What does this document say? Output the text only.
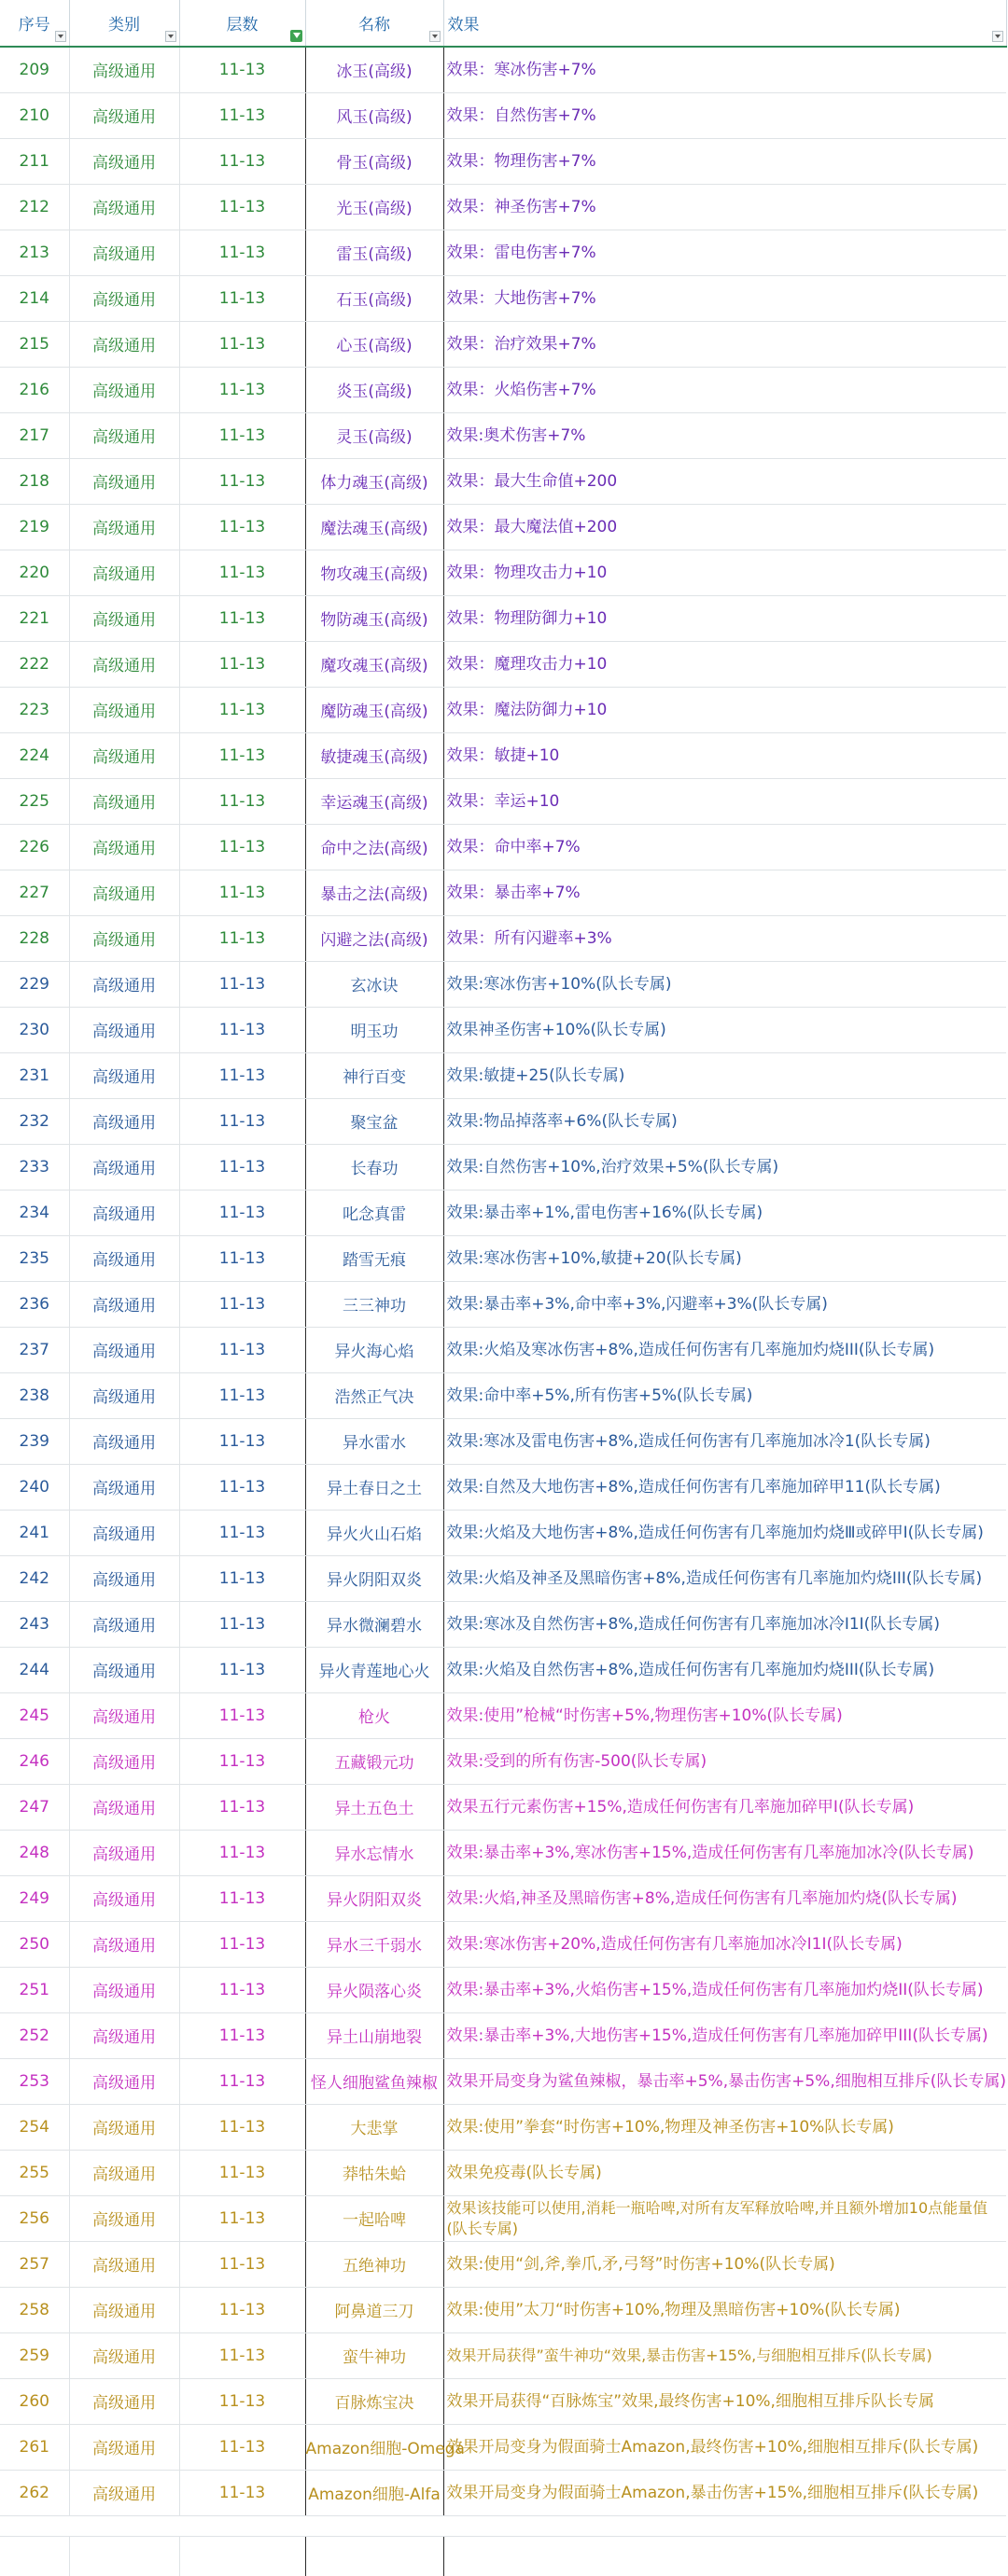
序号	类别	层数	名称	效果

209	高级通用	11-13	冰玉(高级)	效果：寒冰伤害+7%
210	高级通用	11-13	风玉(高级)	效果：自然伤害+7%
211	高级通用	11-13	骨玉(高级)	效果：物理伤害+7%
212	高级通用	11-13	光玉(高级)	效果：神圣伤害+7%
213	高级通用	11-13	雷玉(高级)	效果：雷电伤害+7%
214	高级通用	11-13	石玉(高级)	效果：大地伤害+7%
215	高级通用	11-13	心玉(高级)	效果：治疗效果+7%
216	高级通用	11-13	炎玉(高级)	效果：火焰伤害+7%
217	高级通用	11-13	灵玉(高级)	效果:奥术伤害+7%
218	高级通用	11-13	体力魂玉(高级)	效果：最大生命值+200
219	高级通用	11-13	魔法魂玉(高级)	效果：最大魔法值+200
220	高级通用	11-13	物攻魂玉(高级)	效果：物理攻击力+10
221	高级通用	11-13	物防魂玉(高级)	效果：物理防御力+10
222	高级通用	11-13	魔攻魂玉(高级)	效果：魔理攻击力+10
223	高级通用	11-13	魔防魂玉(高级)	效果：魔法防御力+10
224	高级通用	11-13	敏捷魂玉(高级)	效果：敏捷+10
225	高级通用	11-13	幸运魂玉(高级)	效果：幸运+10
226	高级通用	11-13	命中之法(高级)	效果：命中率+7%
227	高级通用	11-13	暴击之法(高级)	效果：暴击率+7%
228	高级通用	11-13	闪避之法(高级)	效果：所有闪避率+3%
229	高级通用	11-13	玄冰诀	效果:寒冰伤害+10%(队长专属)
230	高级通用	11-13	明玉功	效果神圣伤害+10%(队长专属)
231	高级通用	11-13	神行百变	效果:敏捷+25(队长专属)
232	高级通用	11-13	聚宝盆	效果:物品掉落率+6%(队长专属)
233	高级通用	11-13	长春功	效果:自然伤害+10%,治疗效果+5%(队长专属)
234	高级通用	11-13	叱念真雷	效果:暴击率+1%,雷电伤害+16%(队长专属)
235	高级通用	11-13	踏雪无痕	效果:寒冰伤害+10%,敏捷+20(队长专属)
236	高级通用	11-13	三三神功	效果:暴击率+3%,命中率+3%,闪避率+3%(队长专属)
237	高级通用	11-13	异火海心焰	效果:火焰及寒冰伤害+8%,造成任何伤害有几率施加灼烧III(队长专属)
238	高级通用	11-13	浩然正气决	效果:命中率+5%,所有伤害+5%(队长专属)
239	高级通用	11-13	异水雷水	效果:寒冰及雷电伤害+8%,造成任何伤害有几率施加冰冷1(队长专属)
240	高级通用	11-13	异土春日之土	效果:自然及大地伤害+8%,造成任何伤害有几率施加碎甲11(队长专属)
241	高级通用	11-13	异火火山石焰	效果:火焰及大地伤害+8%,造成任何伤害有几率施加灼烧Ⅲ或碎甲I(队长专属)
242	高级通用	11-13	异火阴阳双炎	效果:火焰及神圣及黑暗伤害+8%,造成任何伤害有几率施加灼烧III(队长专属)
243	高级通用	11-13	异水微澜碧水	效果:寒冰及自然伤害+8%,造成任何伤害有几率施加冰冷I1I(队长专属)
244	高级通用	11-13	异火青莲地心火	效果:火焰及自然伤害+8%,造成任何伤害有几率施加灼烧III(队长专属)
245	高级通用	11-13	枪火	效果:使用”枪械“时伤害+5%,物理伤害+10%(队长专属)
246	高级通用	11-13	五藏锻元功	效果:受到的所有伤害-500(队长专属)
247	高级通用	11-13	异土五色土	效果五行元素伤害+15%,造成任何伤害有几率施加碎甲I(队长专属)
248	高级通用	11-13	异水忘情水	效果:暴击率+3%,寒冰伤害+15%,造成任何伤害有几率施加冰冷(队长专属)
249	高级通用	11-13	异火阴阳双炎	效果:火焰,神圣及黑暗伤害+8%,造成任何伤害有几率施加灼烧(队长专属)
250	高级通用	11-13	异水三千弱水	效果:寒冰伤害+20%,造成任何伤害有几率施加冰冷I1I(队长专属)
251	高级通用	11-13	异火陨落心炎	效果:暴击率+3%,火焰伤害+15%,造成任何伤害有几率施加灼烧II(队长专属)
252	高级通用	11-13	异土山崩地裂	效果:暴击率+3%,大地伤害+15%,造成任何伤害有几率施加碎甲III(队长专属)
253	高级通用	11-13	怪人细胞鲨鱼辣椒	效果开局变身为鲨鱼辣椒，暴击率+5%,暴击伤害+5%,细胞相互排斥(队长专属)
254	高级通用	11-13	大悲掌	效果:使用”拳套“时伤害+10%,物理及神圣伤害+10%队长专属)
255	高级通用	11-13	莽牯朱蛤	效果免疫毒(队长专属)
256	高级通用	11-13	一起哈啤	效果该技能可以使用,消耗一瓶哈啤,对所有友军释放哈啤,并且额外增加10点能量值(队长专属)
257	高级通用	11-13	五绝神功	效果:使用“剑,斧,拳爪,矛,弓弩”时伤害+10%(队长专属)
258	高级通用	11-13	阿鼻道三刀	效果:使用”太刀“时伤害+10%,物理及黑暗伤害+10%(队长专属)
259	高级通用	11-13	蛮牛神功	效果开局获得”蛮牛神功“效果,暴击伤害+15%,与细胞相互排斥(队长专属)
260	高级通用	11-13	百脉炼宝决	效果开局获得“百脉炼宝”效果,最终伤害+10%,细胞相互排斥队长专属
261	高级通用	11-13	Amazon细胞-Omega	效果开局变身为假面骑士Amazon,最终伤害+10%,细胞相互排斥(队长专属)
262	高级通用	11-13	Amazon细胞-Alfa	效果开局变身为假面骑士Amazon,暴击伤害+15%,细胞相互排斥(队长专属)
